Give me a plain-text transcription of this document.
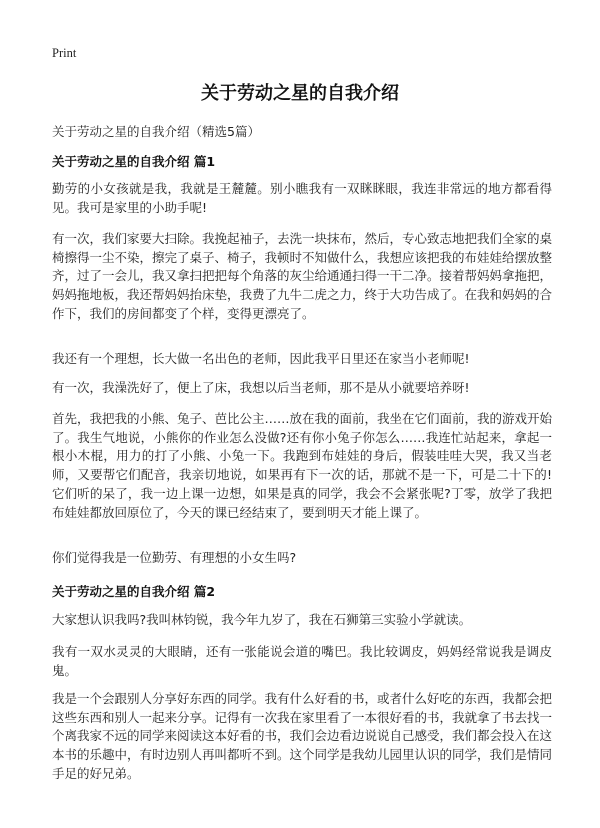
Print
关于劳动之星的自我介绍

关于劳动之星的自我介绍（精选5篇）

关于劳动之星的自我介绍 篇1

勤劳的小女孩就是我，我就是王麓麓。别小瞧我有一双眯眯眼，我连非常远的地方都看得见。我可是家里的小助手呢!

有一次，我们家要大扫除。我挽起袖子，去洗一块抹布，然后，专心致志地把我们全家的桌椅擦得一尘不染，擦完了桌子、椅子，我顿时不知做什么，我想应该把我的布娃娃给摆放整齐，过了一会儿，我又拿扫把把每个角落的灰尘给通通扫得一干二净。接着帮妈妈拿拖把，妈妈拖地板，我还帮妈妈抬床垫，我费了九牛二虎之力，终于大功告成了。在我和妈妈的合作下，我们的房间都变了个样，变得更漂亮了。

我还有一个理想，长大做一名出色的老师，因此我平日里还在家当小老师呢!

有一次，我澡洗好了，便上了床，我想以后当老师，那不是从小就要培养呀!

首先，我把我的小熊、兔子、芭比公主……放在我的面前，我坐在它们面前，我的游戏开始了。我生气地说，小熊你的作业怎么没做?还有你小兔子你怎么……我连忙站起来，拿起一根小木棍，用力的打了小熊、小兔一下。我跑到布娃娃的身后，假装哇哇大哭，我又当老师，又要帮它们配音，我亲切地说，如果再有下一次的话，那就不是一下，可是二十下的!它们听的呆了，我一边上课一边想，如果是真的同学，我会不会紧张呢?丁零，放学了我把布娃娃都放回原位了，今天的课已经结束了，要到明天才能上课了。

你们觉得我是一位勤劳、有理想的小女生吗?

关于劳动之星的自我介绍 篇2

大家想认识我吗?我叫林钧锐，我今年九岁了，我在石狮第三实验小学就读。

我有一双水灵灵的大眼睛，还有一张能说会道的嘴巴。我比较调皮，妈妈经常说我是调皮鬼。

我是一个会跟别人分享好东西的同学。我有什么好看的书，或者什么好吃的东西，我都会把这些东西和别人一起来分享。记得有一次我在家里看了一本很好看的书，我就拿了书去找一个离我家不远的同学来阅读这本好看的书，我们会边看边说说自己感受，我们都会投入在这本书的乐趣中，有时边别人再叫都听不到。这个同学是我幼儿园里认识的同学，我们是情同手足的好兄弟。
